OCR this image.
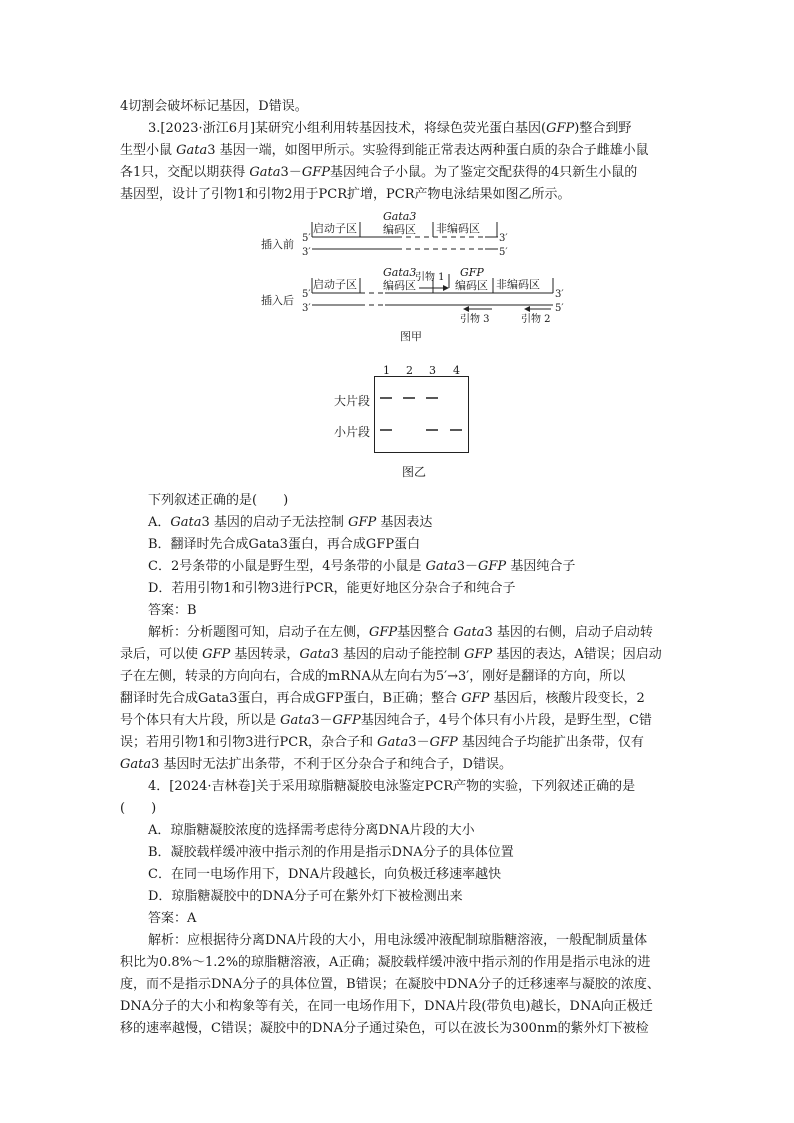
4切割会破坏标记基因，D错误。
3.[2023·浙江6月]某研究小组利用转基因技术，将绿色荧光蛋白基因(GFP)整合到野
生型小鼠 Gata3 基因一端，如图甲所示。实验得到能正常表达两种蛋白质的杂合子雌雄小鼠
各1只，交配以期获得 Gata3－GFP基因纯合子小鼠。为了鉴定交配获得的4只新生小鼠的
基因型，设计了引物1和引物2用于PCR扩增，PCR产物电泳结果如图乙所示。
插入前 5′
3′
启动子区
Gata3
编码区 非编码区
3′
5′
插入后 5′
3′
启动子区
Gata3
编码区
引物 1 GFP
编码区 非编码区
3′
5′
引物 3	引物 2
图甲
大片段
小片段
1 2 3 4
图乙
下列叙述正确的是(　　)
A．Gata3 基因的启动子无法控制 GFP 基因表达
B．翻译时先合成Gata3蛋白，再合成GFP蛋白
C．2号条带的小鼠是野生型，4号条带的小鼠是 Gata3－GFP 基因纯合子
D．若用引物1和引物3进行PCR，能更好地区分杂合子和纯合子
答案：B
解析：分析题图可知，启动子在左侧，GFP基因整合 Gata3 基因的右侧，启动子启动转
录后，可以使 GFP 基因转录，Gata3 基因的启动子能控制 GFP 基因的表达，A错误；因启动
子在左侧，转录的方向向右，合成的mRNA从左向右为5′→3′，刚好是翻译的方向，所以
翻译时先合成Gata3蛋白，再合成GFP蛋白，B正确；整合 GFP 基因后，核酸片段变长，2
号个体只有大片段，所以是 Gata3－GFP基因纯合子，4号个体只有小片段，是野生型，C错
误；若用引物1和引物3进行PCR，杂合子和 Gata3－GFP 基因纯合子均能扩出条带，仅有
Gata3 基因时无法扩出条带，不利于区分杂合子和纯合子，D错误。
4．[2024·吉林卷]关于采用琼脂糖凝胶电泳鉴定PCR产物的实验，下列叙述正确的是
(　　)
A．琼脂糖凝胶浓度的选择需考虑待分离DNA片段的大小
B．凝胶载样缓冲液中指示剂的作用是指示DNA分子的具体位置
C．在同一电场作用下，DNA片段越长，向负极迁移速率越快
D．琼脂糖凝胶中的DNA分子可在紫外灯下被检测出来
答案：A
解析：应根据待分离DNA片段的大小，用电泳缓冲液配制琼脂糖溶液，一般配制质量体
积比为0.8%～1.2%的琼脂糖溶液，A正确；凝胶载样缓冲液中指示剂的作用是指示电泳的进
度，而不是指示DNA分子的具体位置，B错误；在凝胶中DNA分子的迁移速率与凝胶的浓度、
DNA分子的大小和构象等有关，在同一电场作用下，DNA片段(带负电)越长，DNA向正极迁
移的速率越慢，C错误；凝胶中的DNA分子通过染色，可以在波长为300nm的紫外灯下被检
